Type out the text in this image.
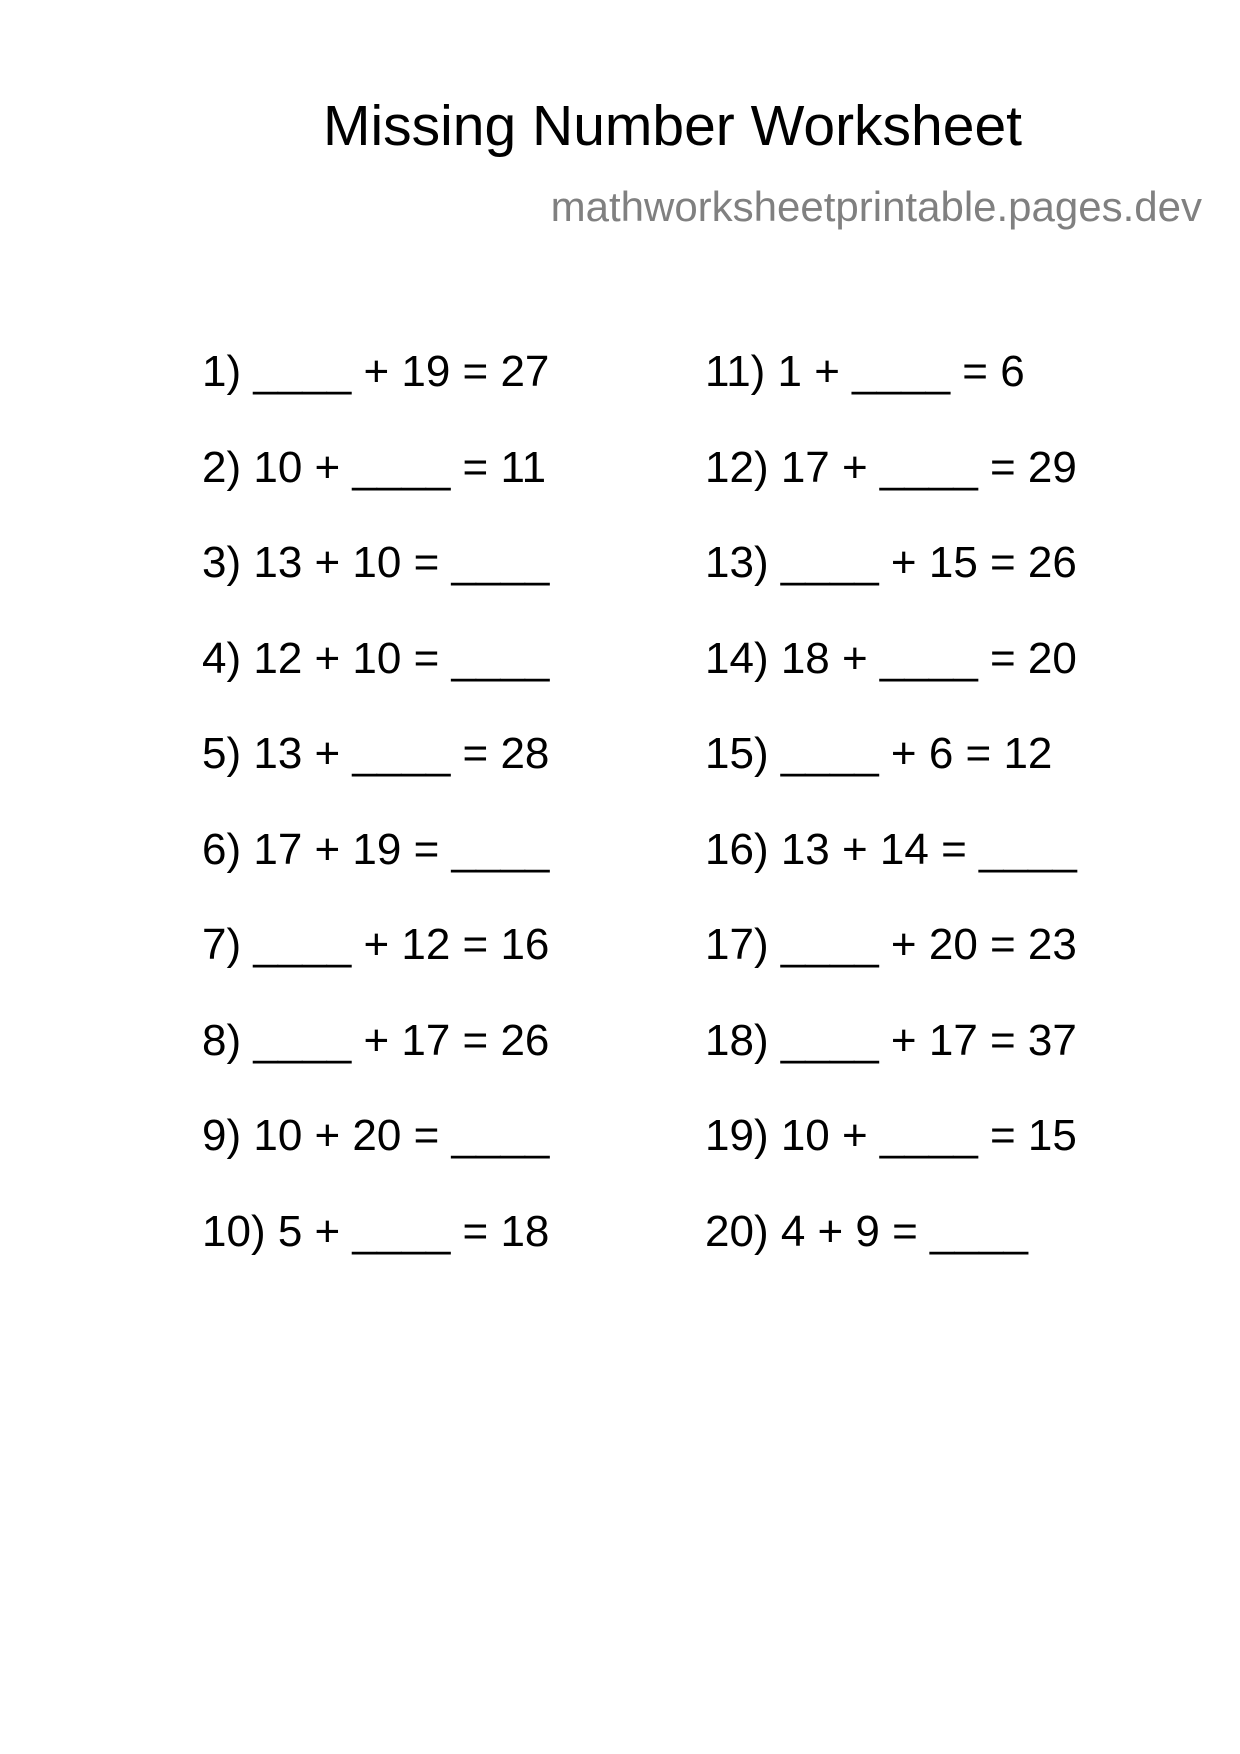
Missing Number Worksheet
mathworksheetprintable.pages.dev
1) ____ + 19 = 27
2) 10 + ____ = 11
3) 13 + 10 = ____
4) 12 + 10 = ____
5) 13 + ____ = 28
6) 17 + 19 = ____
7) ____ + 12 = 16
8) ____ + 17 = 26
9) 10 + 20 = ____
10) 5 + ____ = 18
11) 1 + ____ = 6
12) 17 + ____ = 29
13) ____ + 15 = 26
14) 18 + ____ = 20
15) ____ + 6 = 12
16) 13 + 14 = ____
17) ____ + 20 = 23
18) ____ + 17 = 37
19) 10 + ____ = 15
20) 4 + 9 = ____
